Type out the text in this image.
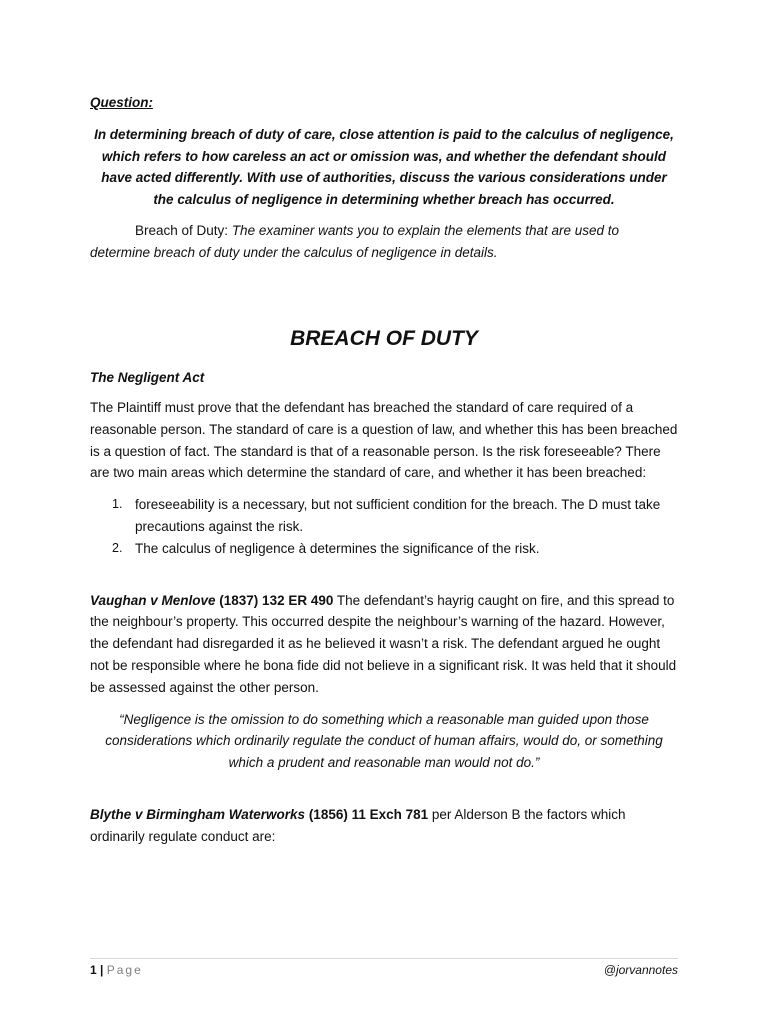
Question:

In determining breach of duty of care, close attention is paid to the calculus of negligence, which refers to how careless an act or omission was, and whether the defendant should have acted differently. With use of authorities, discuss the various considerations under the calculus of negligence in determining whether breach has occurred.

Breach of Duty: The examiner wants you to explain the elements that are used to determine breach of duty under the calculus of negligence in details.

BREACH OF DUTY

The Negligent Act

The Plaintiff must prove that the defendant has breached the standard of care required of a reasonable person. The standard of care is a question of law, and whether this has been breached is a question of fact. The standard is that of a reasonable person. Is the risk foreseeable? There are two main areas which determine the standard of care, and whether it has been breached:

1. foreseeability is a necessary, but not sufficient condition for the breach. The D must take precautions against the risk.
2. The calculus of negligence à determines the significance of the risk.

Vaughan v Menlove (1837) 132 ER 490 The defendant’s hayrig caught on fire, and this spread to the neighbour’s property. This occurred despite the neighbour’s warning of the hazard. However, the defendant had disregarded it as he believed it wasn’t a risk. The defendant argued he ought not be responsible where he bona fide did not believe in a significant risk. It was held that it should be assessed against the other person.

“Negligence is the omission to do something which a reasonable man guided upon those considerations which ordinarily regulate the conduct of human affairs, would do, or something which a prudent and reasonable man would not do.”

Blythe v Birmingham Waterworks (1856) 11 Exch 781 per Alderson B the factors which ordinarily regulate conduct are:

1 | Page	@jorvannotes
